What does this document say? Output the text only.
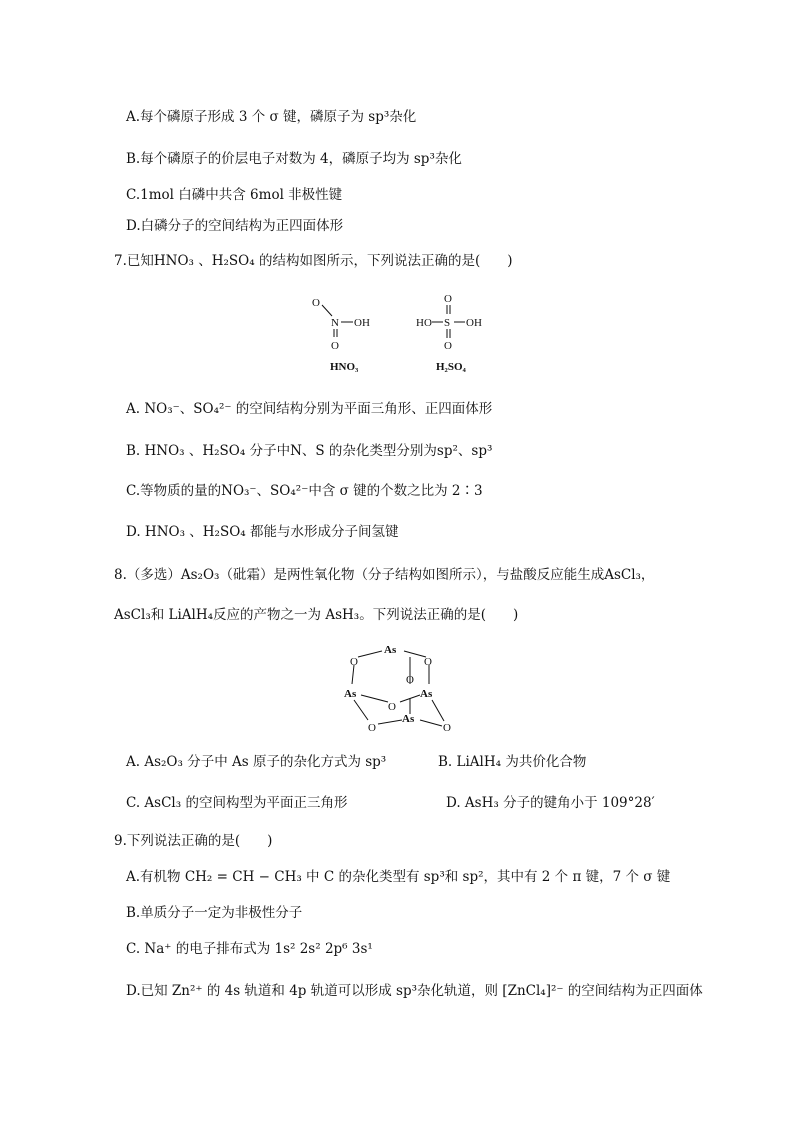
A.每个磷原子形成 3 个 σ 键，磷原子为 sp³杂化
B.每个磷原子的价层电子对数为 4，磷原子均为 sp³杂化
C.1mol 白磷中共含 6mol 非极性键
D.白磷分子的空间结构为正四面体形
7.已知HNO₃ 、H₂SO₄ 的结构如图所示，下列说法正确的是(　　)
O
N OH
O
HNO₃
O
HO S OH
O
H₂SO₄
A. NO₃⁻、SO₄²⁻ 的空间结构分别为平面三角形、正四面体形
B. HNO₃ 、H₂SO₄ 分子中N、S 的杂化类型分别为sp²、sp³
C.等物质的量的NO₃⁻、SO₄²⁻中含 σ 键的个数之比为 2∶3
D. HNO₃ 、H₂SO₄ 都能与水形成分子间氢键
8.（多选）As₂O₃（砒霜）是两性氧化物（分子结构如图所示），与盐酸反应能生成AsCl₃，
AsCl₃和 LiAlH₄反应的产物之一为 AsH₃。下列说法正确的是(　　)
As
O	O
As
O
O
As
O
As
O
A. As₂O₃ 分子中 As 原子的杂化方式为 sp³	B. LiAlH₄ 为共价化合物
C. AsCl₃ 的空间构型为平面正三角形	D. AsH₃ 分子的键角小于 109°28′
9.下列说法正确的是(　　)
A.有机物 CH₂ = CH − CH₃ 中 C 的杂化类型有 sp³和 sp²，其中有 2 个 π 键，7 个 σ 键
B.单质分子一定为非极性分子
C. Na⁺ 的电子排布式为 1s² 2s² 2p⁶ 3s¹
D.已知 Zn²⁺ 的 4s 轨道和 4p 轨道可以形成 sp³杂化轨道，则 [ZnCl₄]²⁻ 的空间结构为正四面体
